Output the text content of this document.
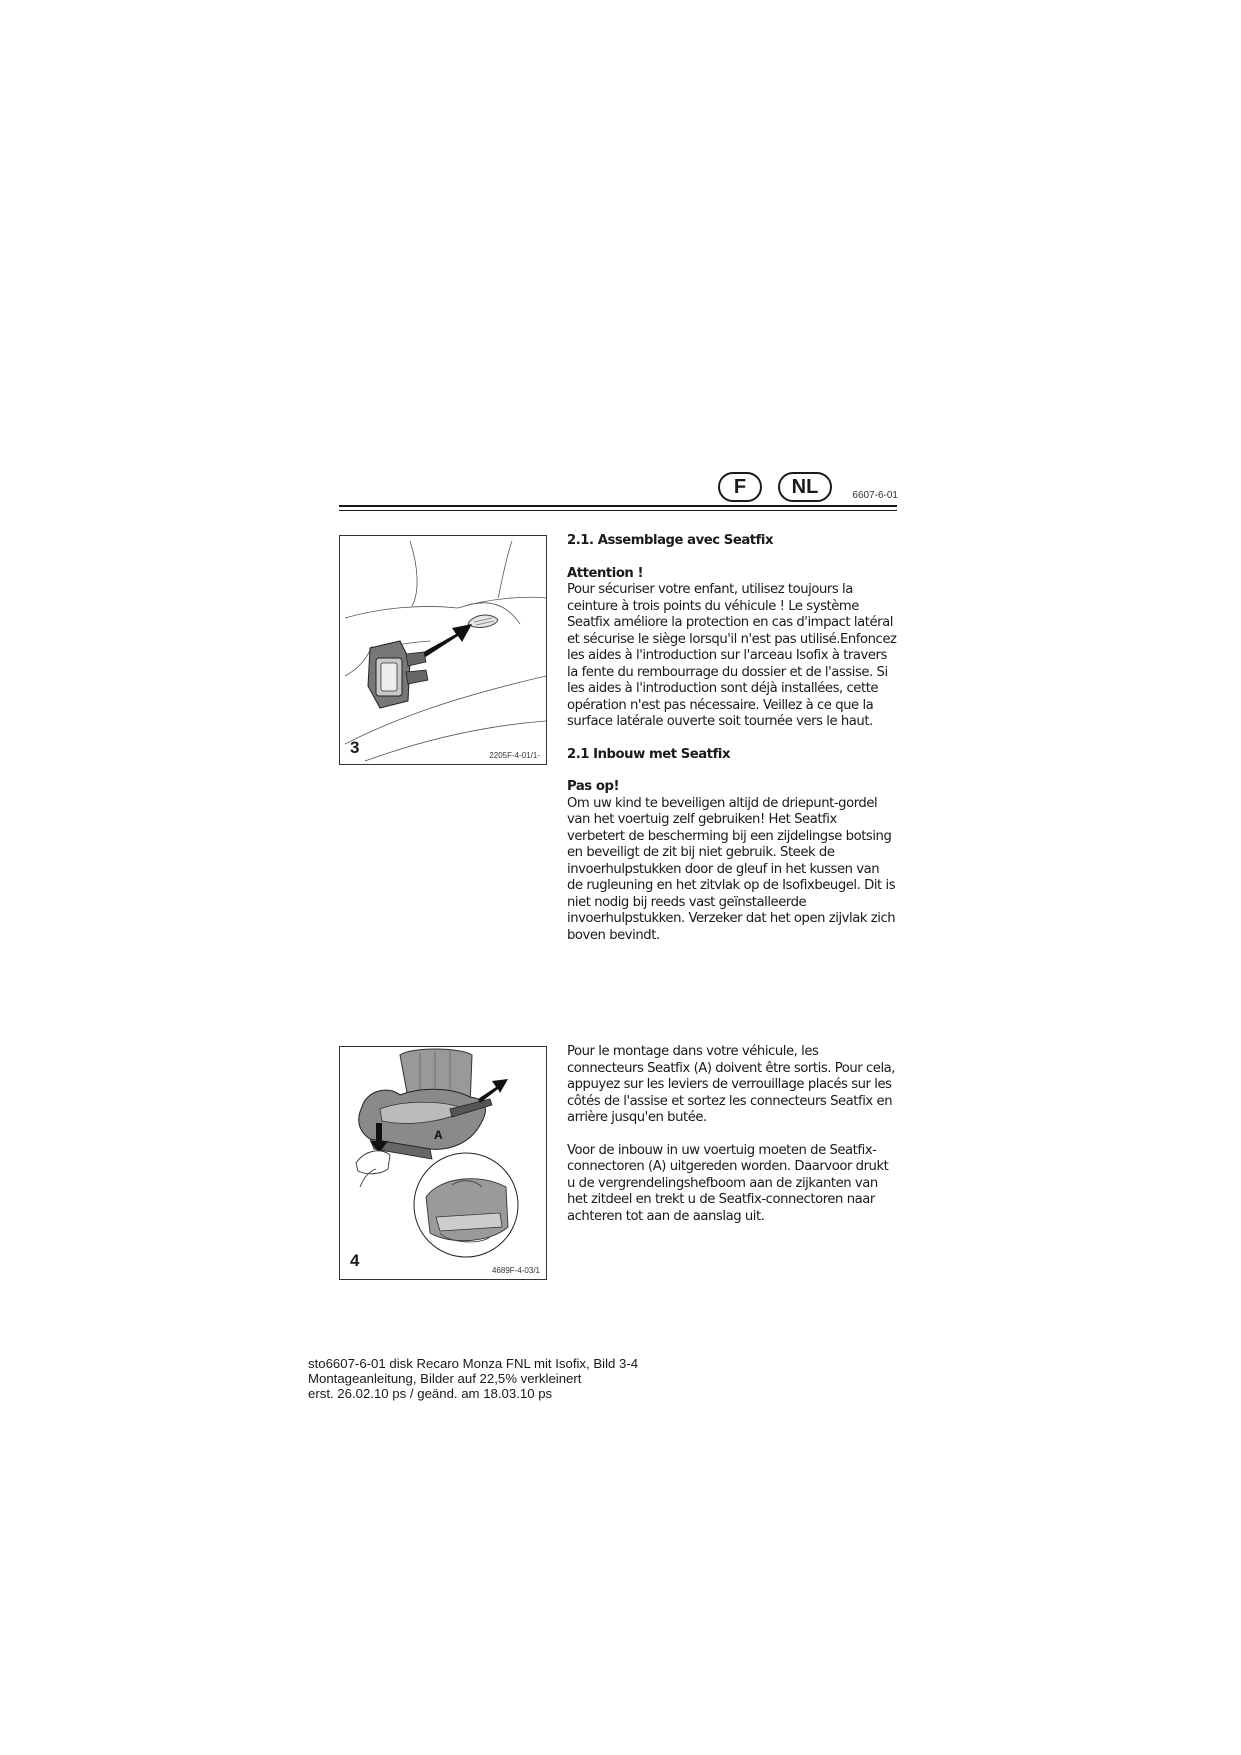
F	NL	6607-6-01
3	2205F-4-01/1-
A
4
4689F-4-03/1

2.1. Assemblage avec Seatfix

Attention !

Pour sécuriser votre enfant, utilisez toujours la ceinture à trois points du véhicule ! Le système Seatfix améliore la protection en cas d'impact latéral et sécurise le siège lorsqu'il n'est pas utilisé.Enfoncez les aides à l'introduction sur l'arceau Isofix à travers la fente du rembourrage du dossier et de l'assise. Si les aides à l'introduction sont déjà installées, cette opération n'est pas nécessaire. Veillez à ce que la surface latérale ouverte soit tournée vers le haut.

2.1 Inbouw met Seatfix

Pas op!

Om uw kind te beveiligen altijd de driepunt-gordel van het voertuig zelf gebruiken! Het Seatfix verbetert de bescherming bij een zijdelingse botsing en beveiligt de zit bij niet gebruik. Steek de invoerhulpstukken door de gleuf in het kussen van de rugleuning en het zitvlak op de Isofixbeugel. Dit is niet nodig bij reeds vast geïnstalleerde invoerhulpstukken. Verzeker dat het open zijvlak zich boven bevindt.

Pour le montage dans votre véhicule, les connecteurs Seatfix (A) doivent être sortis. Pour cela, appuyez sur les leviers de verrouillage placés sur les côtés de l'assise et sortez les connecteurs Seatfix en arrière jusqu'en butée.

Voor de inbouw in uw voertuig moeten de Seatfix-connectoren (A) uitgereden worden. Daarvoor drukt u de vergrendelingshefboom aan de zijkanten van het zitdeel en trekt u de Seatfix-connectoren naar achteren tot aan de aanslag uit.

sto6607-6-01 disk Recaro Monza FNL mit Isofix, Bild 3-4
Montageanleitung, Bilder auf 22,5% verkleinert
erst. 26.02.10 ps / geänd. am 18.03.10 ps
